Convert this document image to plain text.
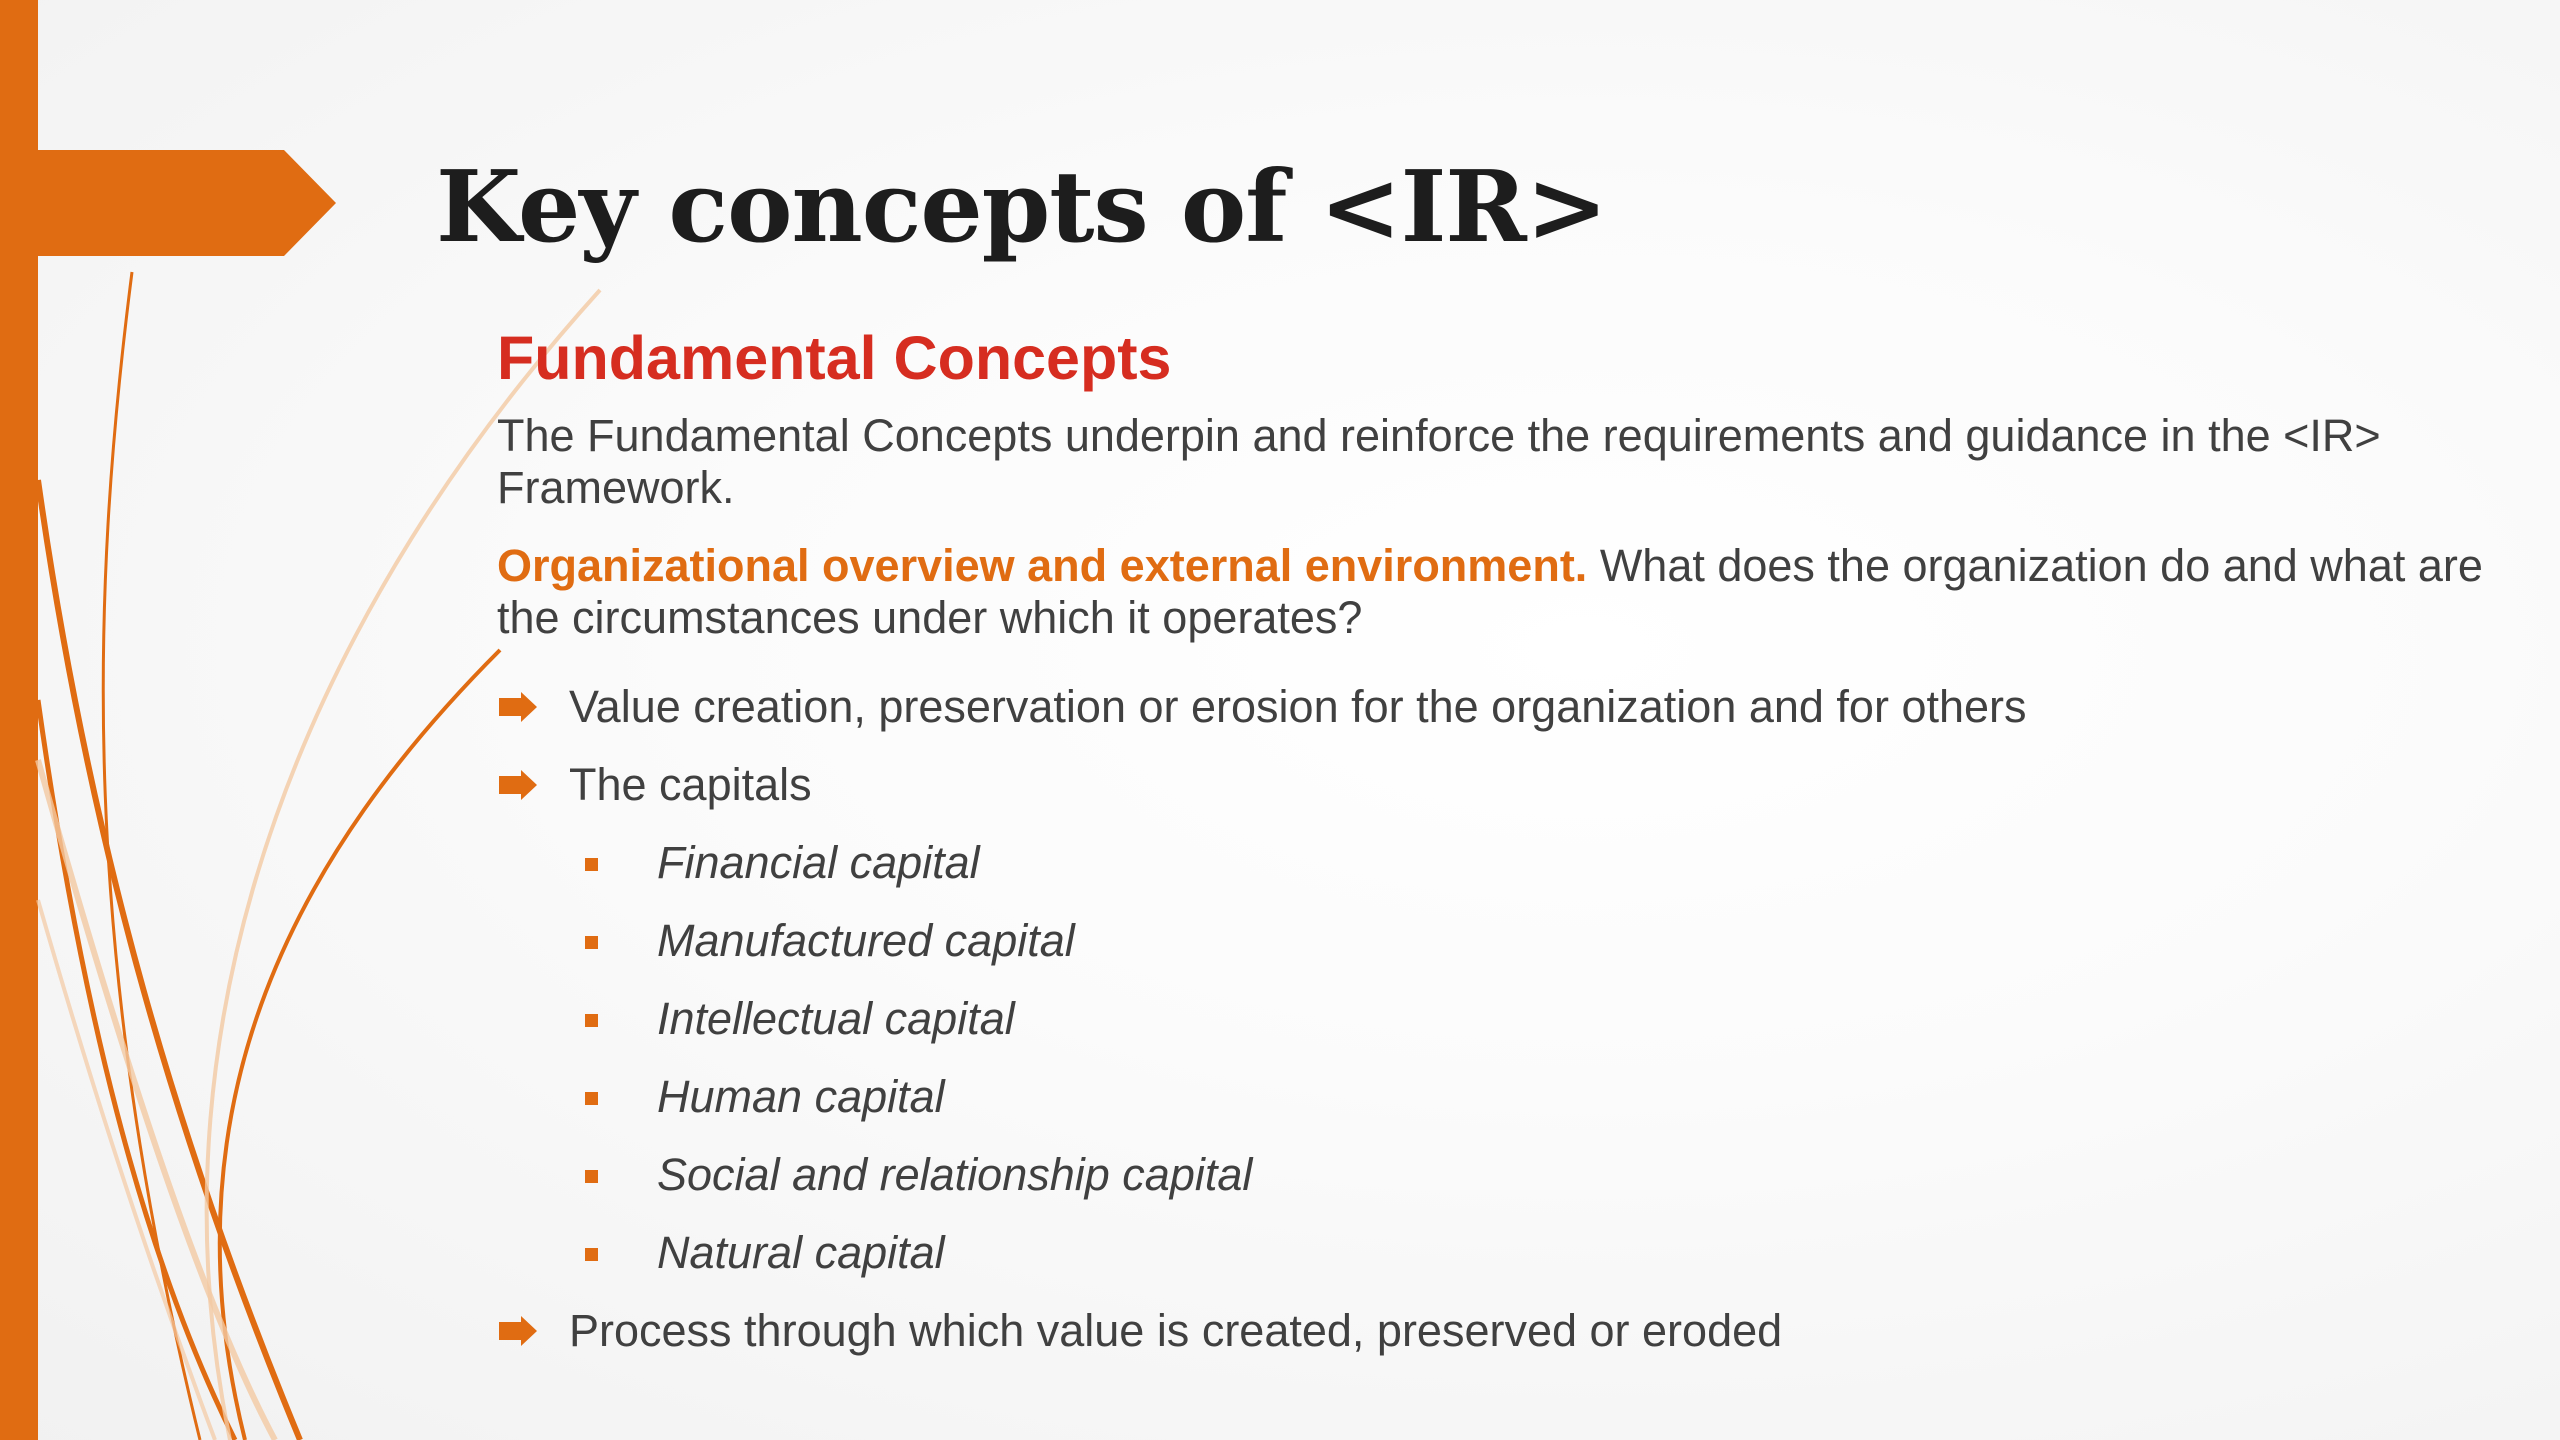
Key concepts of <IR>
Fundamental Concepts

The Fundamental Concepts underpin and reinforce the requirements and guidance in the <IR> Framework.

Organizational overview and external environment. What does the organization do and what are the circumstances under which it operates?

Value creation, preservation or erosion for the organization and for others
The capitals
Financial capital
Manufactured capital
Intellectual capital
Human capital
Social and relationship capital
Natural capital
Process through which value is created, preserved or eroded
